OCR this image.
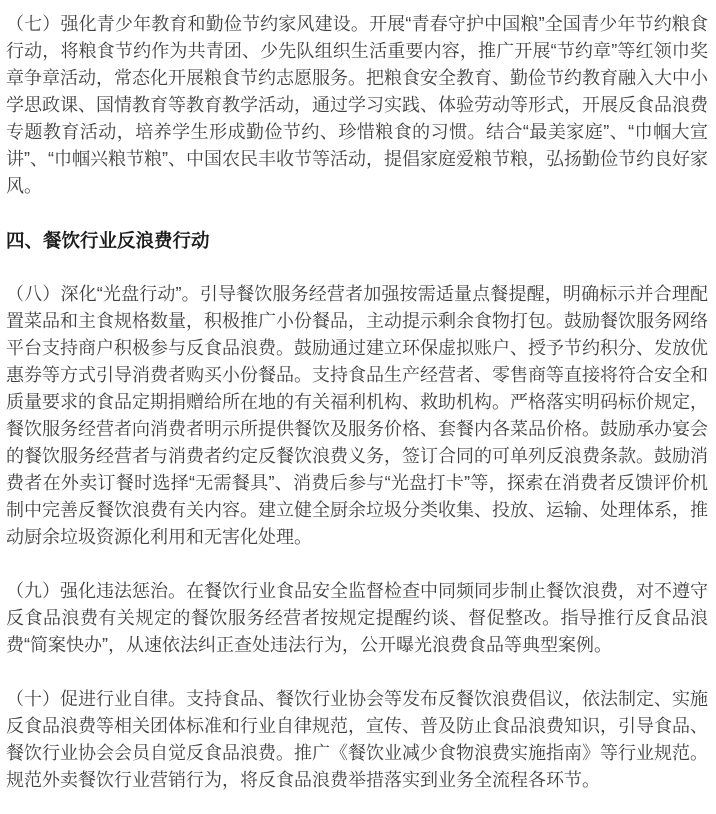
（七）强化青少年教育和勤俭节约家风建设。开展“青春守护中国粮”全国青少年节约粮食行动，将粮食节约作为共青团、少先队组织生活重要内容，推广开展“节约章”等红领巾奖章争章活动，常态化开展粮食节约志愿服务。把粮食安全教育、勤俭节约教育融入大中小学思政课、国情教育等教育教学活动，通过学习实践、体验劳动等形式，开展反食品浪费专题教育活动，培养学生形成勤俭节约、珍惜粮食的习惯。结合“最美家庭”、“巾帼大宣讲”、“巾帼兴粮节粮”、中国农民丰收节等活动，提倡家庭爱粮节粮，弘扬勤俭节约良好家风。

四、餐饮行业反浪费行动

（八）深化“光盘行动”。引导餐饮服务经营者加强按需适量点餐提醒，明确标示并合理配置菜品和主食规格数量，积极推广小份餐品，主动提示剩余食物打包。鼓励餐饮服务网络平台支持商户积极参与反食品浪费。鼓励通过建立环保虚拟账户、授予节约积分、发放优惠券等方式引导消费者购买小份餐品。支持食品生产经营者、零售商等直接将符合安全和质量要求的食品定期捐赠给所在地的有关福利机构、救助机构。严格落实明码标价规定，餐饮服务经营者向消费者明示所提供餐饮及服务价格、套餐内各菜品价格。鼓励承办宴会的餐饮服务经营者与消费者约定反餐饮浪费义务，签订合同的可单列反浪费条款。鼓励消费者在外卖订餐时选择“无需餐具”、消费后参与“光盘打卡”等，探索在消费者反馈评价机制中完善反餐饮浪费有关内容。建立健全厨余垃圾分类收集、投放、运输、处理体系，推动厨余垃圾资源化利用和无害化处理。

（九）强化违法惩治。在餐饮行业食品安全监督检查中同频同步制止餐饮浪费，对不遵守反食品浪费有关规定的餐饮服务经营者按规定提醒约谈、督促整改。指导推行反食品浪费“简案快办”，从速依法纠正查处违法行为，公开曝光浪费食品等典型案例。

（十）促进行业自律。支持食品、餐饮行业协会等发布反餐饮浪费倡议，依法制定、实施反食品浪费等相关团体标准和行业自律规范，宣传、普及防止食品浪费知识，引导食品、餐饮行业协会会员自觉反食品浪费。推广《餐饮业减少食物浪费实施指南》等行业规范。规范外卖餐饮行业营销行为，将反食品浪费举措落实到业务全流程各环节。
